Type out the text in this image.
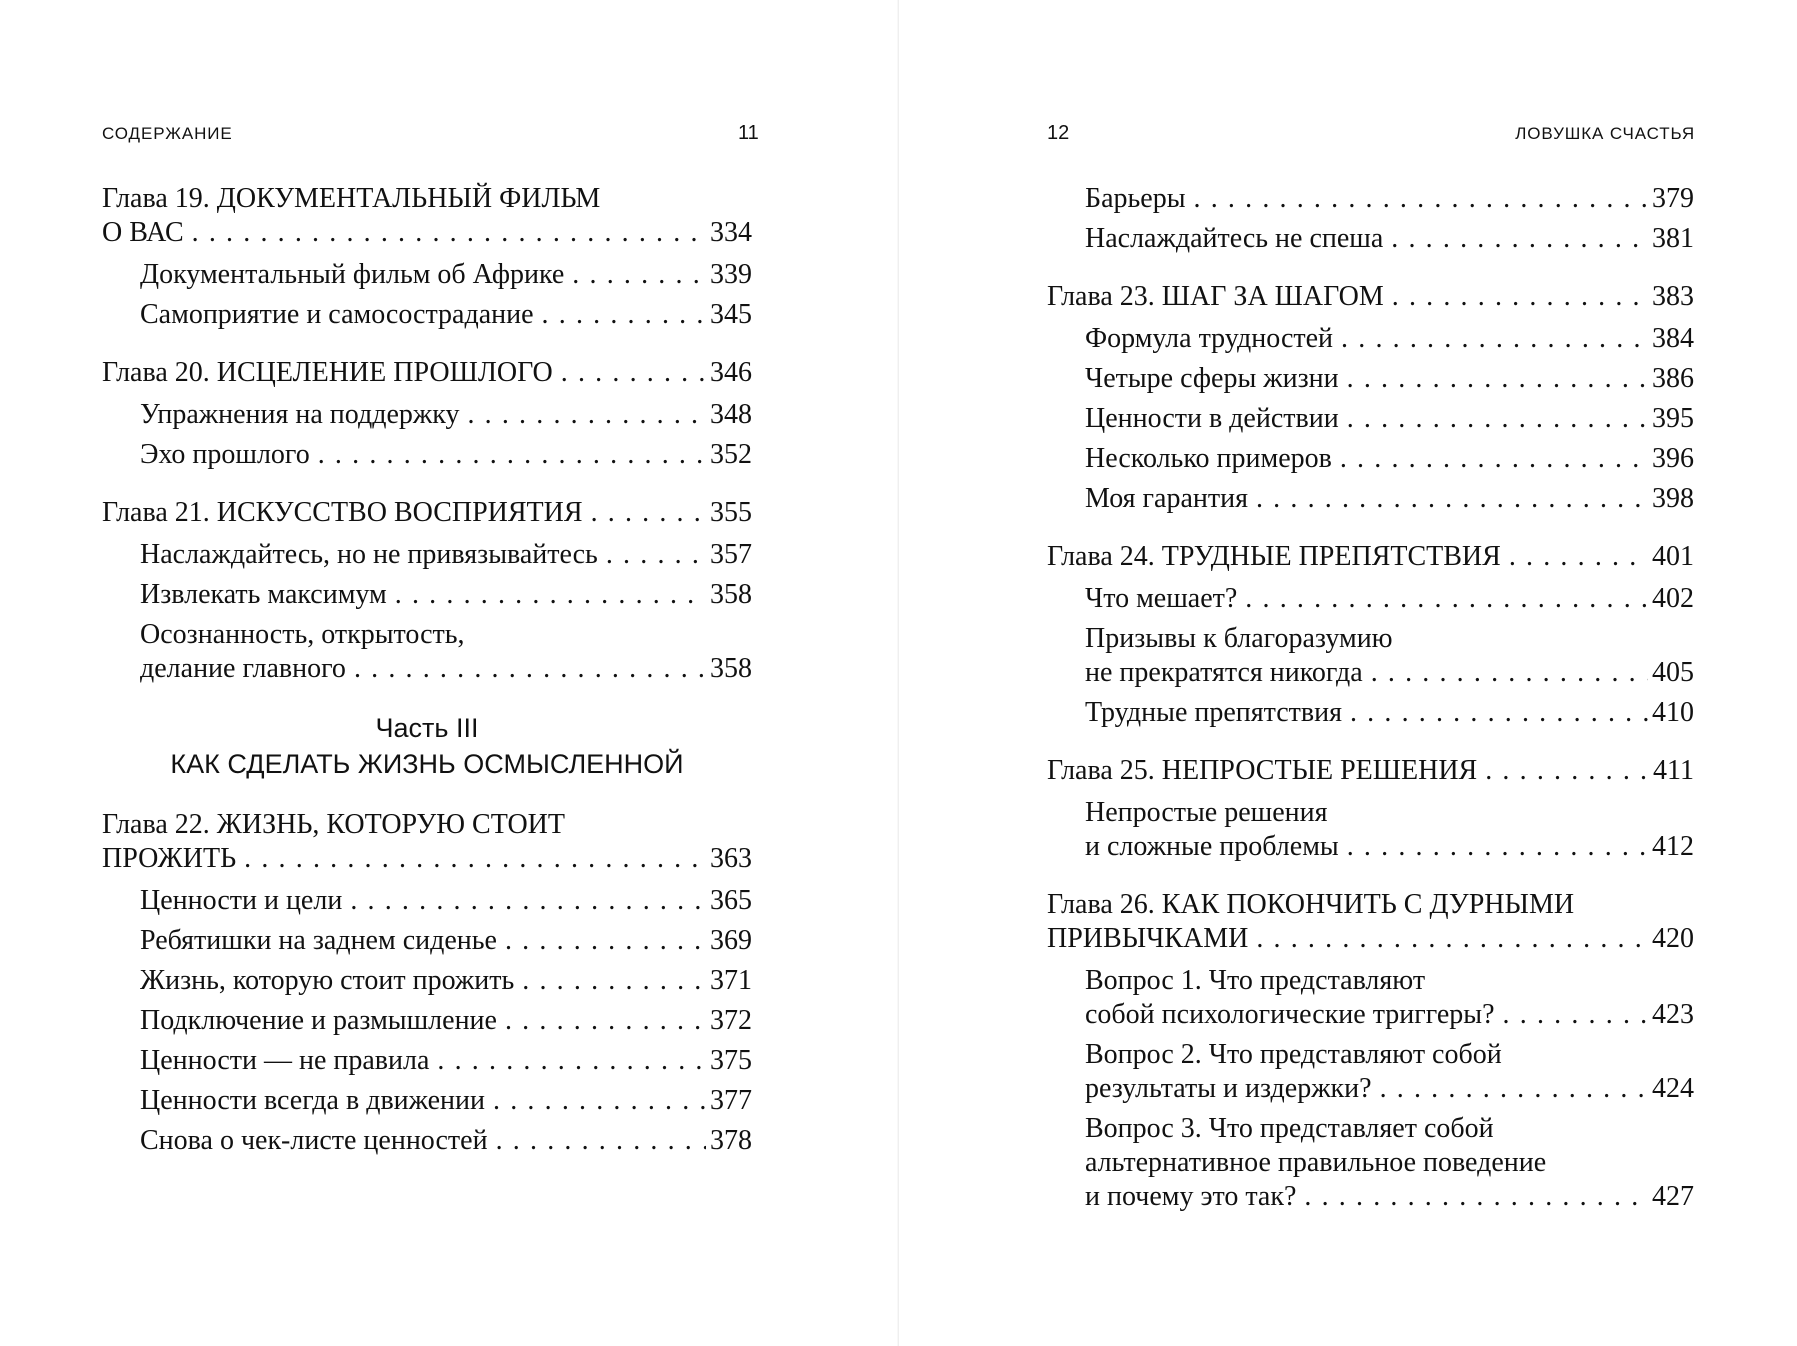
СОДЕРЖАНИЕ	11
Глава 19. ДОКУМЕНТАЛЬНЫЙ ФИЛЬМ
О ВАС . . .	334
Документальный фильм об Африке . . .	339
Самоприятие и самосострадание . . .	345
Глава 20. ИСЦЕЛЕНИЕ ПРОШЛОГО . . .	346
Упражнения на поддержку . . .	348
Эхо прошлого . . .	352
Глава 21. ИСКУССТВО ВОСПРИЯТИЯ . . .	355
Наслаждайтесь, но не привязывайтесь . . .	357
Извлекать максимум . . .	358
Осознанность, открытость,
делание главного . . .	358
Часть III
КАК СДЕЛАТЬ ЖИЗНЬ ОСМЫСЛЕННОЙ
Глава 22. ЖИЗНЬ, КОТОРУЮ СТОИТ
ПРОЖИТЬ . . .	363
Ценности и цели . . .	365
Ребятишки на заднем сиденье . . .	369
Жизнь, которую стоит прожить . . .	371
Подключение и размышление . . .	372
Ценности — не правила . . .	375
Ценности всегда в движении . . .	377
Снова о чек-листе ценностей . . .	378
12	ЛОВУШКА СЧАСТЬЯ
Барьеры . . .	379
Наслаждайтесь не спеша . . .	381
Глава 23. ШАГ ЗА ШАГОМ . . .	383
Формула трудностей . . .	384
Четыре сферы жизни . . .	386
Ценности в действии . . .	395
Несколько примеров . . .	396
Моя гарантия . . .	398
Глава 24. ТРУДНЫЕ ПРЕПЯТСТВИЯ . . .	401
Что мешает? . . .	402
Призывы к благоразумию
не прекратятся никогда . . .	405
Трудные препятствия . . .	410
Глава 25. НЕПРОСТЫЕ РЕШЕНИЯ . . .	411
Непростые решения
и сложные проблемы . . .	412
Глава 26. КАК ПОКОНЧИТЬ С ДУРНЫМИ
ПРИВЫЧКАМИ . . .	420
Вопрос 1. Что представляют
собой психологические триггеры? . . .	423
Вопрос 2. Что представляют собой
результаты и издержки? . . .	424
Вопрос 3. Что представляет собой
альтернативное правильное поведение
и почему это так? . . .	427
